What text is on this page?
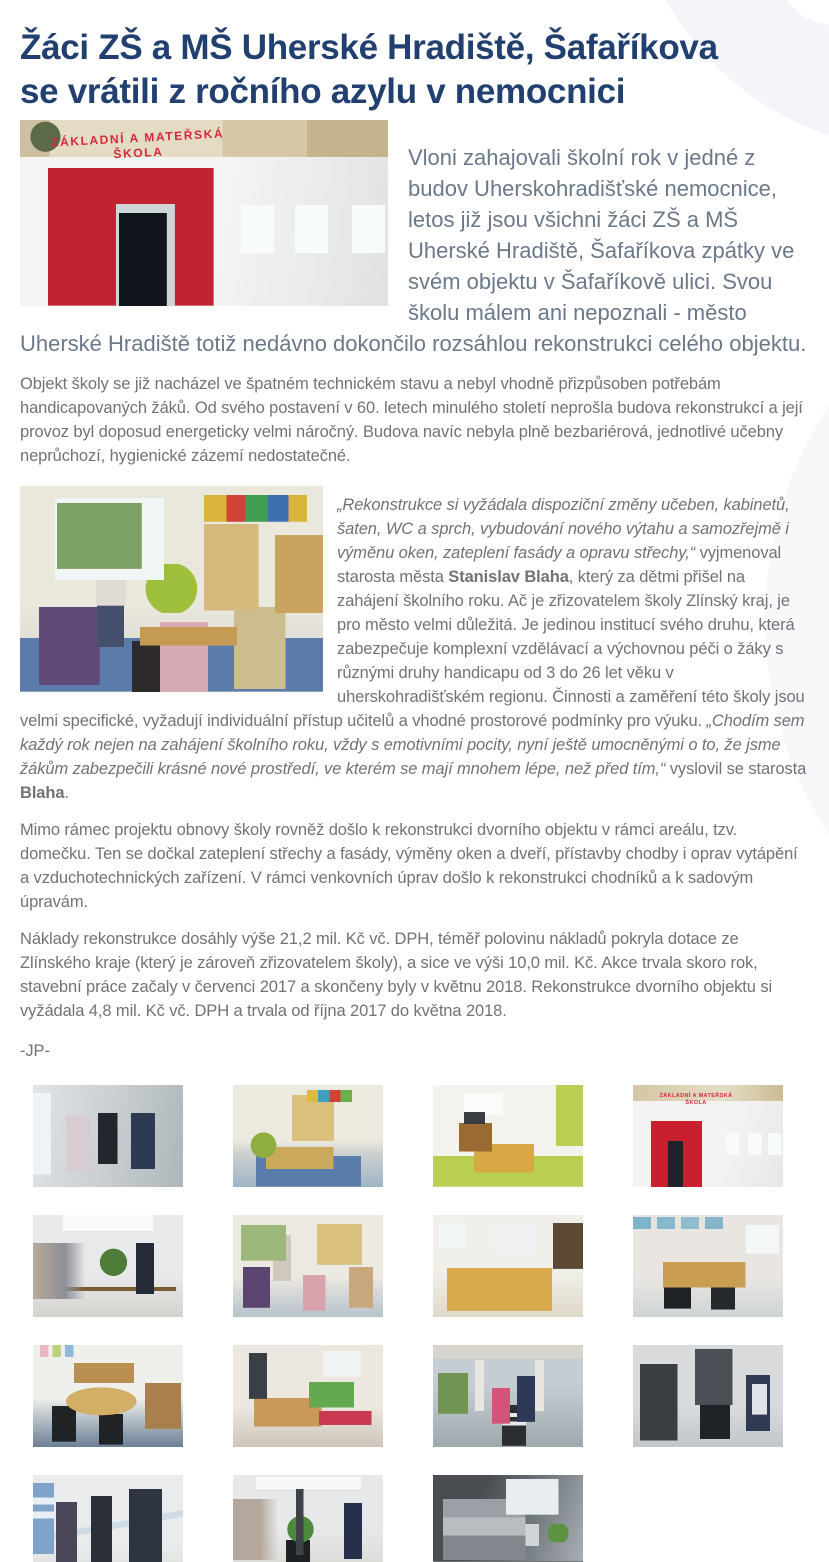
Žáci ZŠ a MŠ Uherské Hradiště, Šafaříkova se vrátili z ročního azylu v nemocnici
ZÁKLADNÍ A MATEŘSKÁ
ŠKOLA	Vloni zahajovali školní rok v jedné z budov Uherskohradišťské nemocnice, letos již jsou všichni žáci ZŠ a MŠ Uherské Hradiště, Šafaříkova zpátky ve svém objektu v Šafaříkově ulici. Svou školu málem ani nepoznali - město Uherské Hradiště totiž nedávno dokončilo rozsáhlou rekonstrukci celého objektu.

Objekt školy se již nacházel ve špatném technickém stavu a nebyl vhodně přizpůsoben potřebám handicapovaných žáků. Od svého postavení v 60. letech minulého století neprošla budova rekonstrukcí a její provoz byl doposud energeticky velmi náročný. Budova navíc nebyla plně bezbariérová, jednotlivé učebny neprůchozí, hygienické zázemí nedostatečné.

„Rekonstrukce si vyžádala dispoziční změny učeben, kabinetů, šaten, WC a sprch, vybudování nového výtahu a samozřejmě i výměnu oken, zateplení fasády a opravu střechy,“ vyjmenoval starosta města Stanislav Blaha, který za dětmi přišel na zahájení školního roku. Ač je zřizovatelem školy Zlínský kraj, je pro město velmi důležitá. Je jedinou institucí svého druhu, která zabezpečuje komplexní vzdělávací a výchovnou péči o žáky s různými druhy handicapu od 3 do 26 let věku v uherskohradišťském regionu. Činnosti a zaměření této školy jsou velmi specifické, vyžadují individuální přístup učitelů a vhodné prostorové podmínky pro výuku. „Chodím sem každý rok nejen na zahájení školního roku, vždy s emotivními pocity, nyní ještě umocněnými o to, že jsme žákům zabezpečili krásné nové prostředí, ve kterém se mají mnohem lépe, než před tím,“ vyslovil se starosta Blaha.

Mimo rámec projektu obnovy školy rovněž došlo k rekonstrukci dvorního objektu v rámci areálu, tzv. domečku. Ten se dočkal zateplení střechy a fasády, výměny oken a dveří, přístavby chodby i oprav vytápění a vzduchotechnických zařízení. V rámci venkovních úprav došlo k rekonstrukci chodníků a k sadovým úpravám.

Náklady rekonstrukce dosáhly výše 21,2 mil. Kč vč. DPH, téměř polovinu nákladů pokryla dotace ze Zlínského kraje (který je zároveň zřizovatelem školy), a sice ve výši 10,0 mil. Kč. Akce trvala skoro rok, stavební práce začaly v červenci 2017 a skončeny byly v květnu 2018. Rekonstrukce dvorního objektu si vyžádala 4,8 mil. Kč vč. DPH a trvala od října 2017 do května 2018.

-JP-

ZÁKLADNÍ A MATEŘSKÁ ŠKOLA
